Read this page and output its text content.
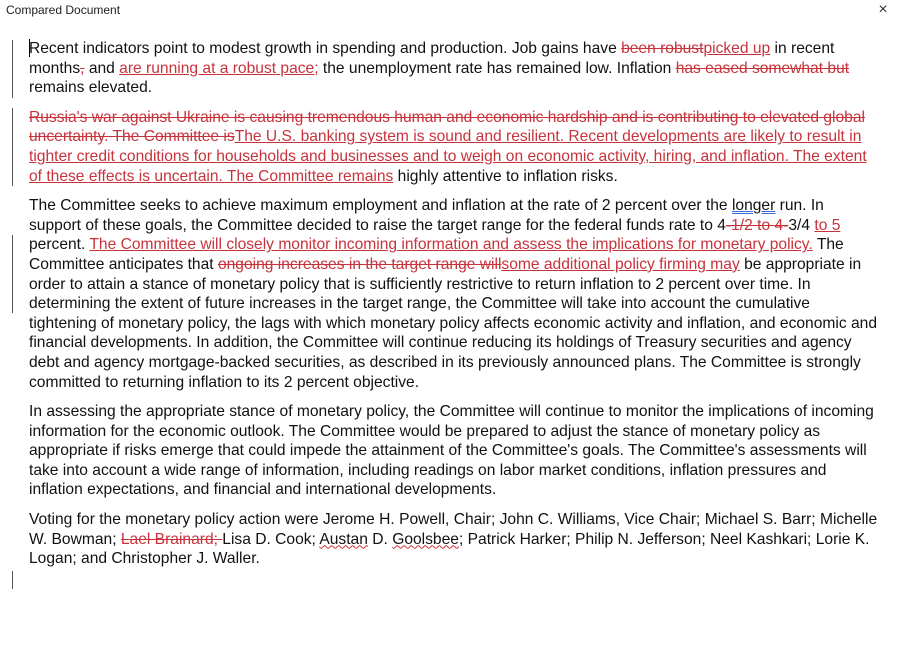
Compared Document	×

Recent indicators point to modest growth in spending and production. Job gains have been robustpicked up in recent months, and are running at a robust pace; the unemployment rate has remained low. Inflation has eased somewhat but remains elevated.

Russia's war against Ukraine is causing tremendous human and economic hardship and is contributing to elevated global uncertainty. The Committee isThe U.S. banking system is sound and resilient. Recent developments are likely to result in tighter credit conditions for households and businesses and to weigh on economic activity, hiring, and inflation. The extent of these effects is uncertain. The Committee remains highly attentive to inflation risks.

The Committee seeks to achieve maximum employment and inflation at the rate of 2 percent over the longer run. In support of these goals, the Committee decided to raise the target range for the federal funds rate to 4-1/2 to 4-3/4 to 5 percent. The Committee will closely monitor incoming information and assess the implications for monetary policy. The Committee anticipates that ongoing increases in the target range willsome additional policy firming may be appropriate in order to attain a stance of monetary policy that is sufficiently restrictive to return inflation to 2 percent over time. In determining the extent of future increases in the target range, the Committee will take into account the cumulative tightening of monetary policy, the lags with which monetary policy affects economic activity and inflation, and economic and financial developments. In addition, the Committee will continue reducing its holdings of Treasury securities and agency debt and agency mortgage-backed securities, as described in its previously announced plans. The Committee is strongly committed to returning inflation to its 2 percent objective.

In assessing the appropriate stance of monetary policy, the Committee will continue to monitor the implications of incoming information for the economic outlook. The Committee would be prepared to adjust the stance of monetary policy as appropriate if risks emerge that could impede the attainment of the Committee's goals. The Committee's assessments will take into account a wide range of information, including readings on labor market conditions, inflation pressures and inflation expectations, and financial and international developments.

Voting for the monetary policy action were Jerome H. Powell, Chair; John C. Williams, Vice Chair; Michael S. Barr; Michelle W. Bowman; Lael Brainard; Lisa D. Cook; Austan D. Goolsbee; Patrick Harker; Philip N. Jefferson; Neel Kashkari; Lorie K. Logan; and Christopher J. Waller.
